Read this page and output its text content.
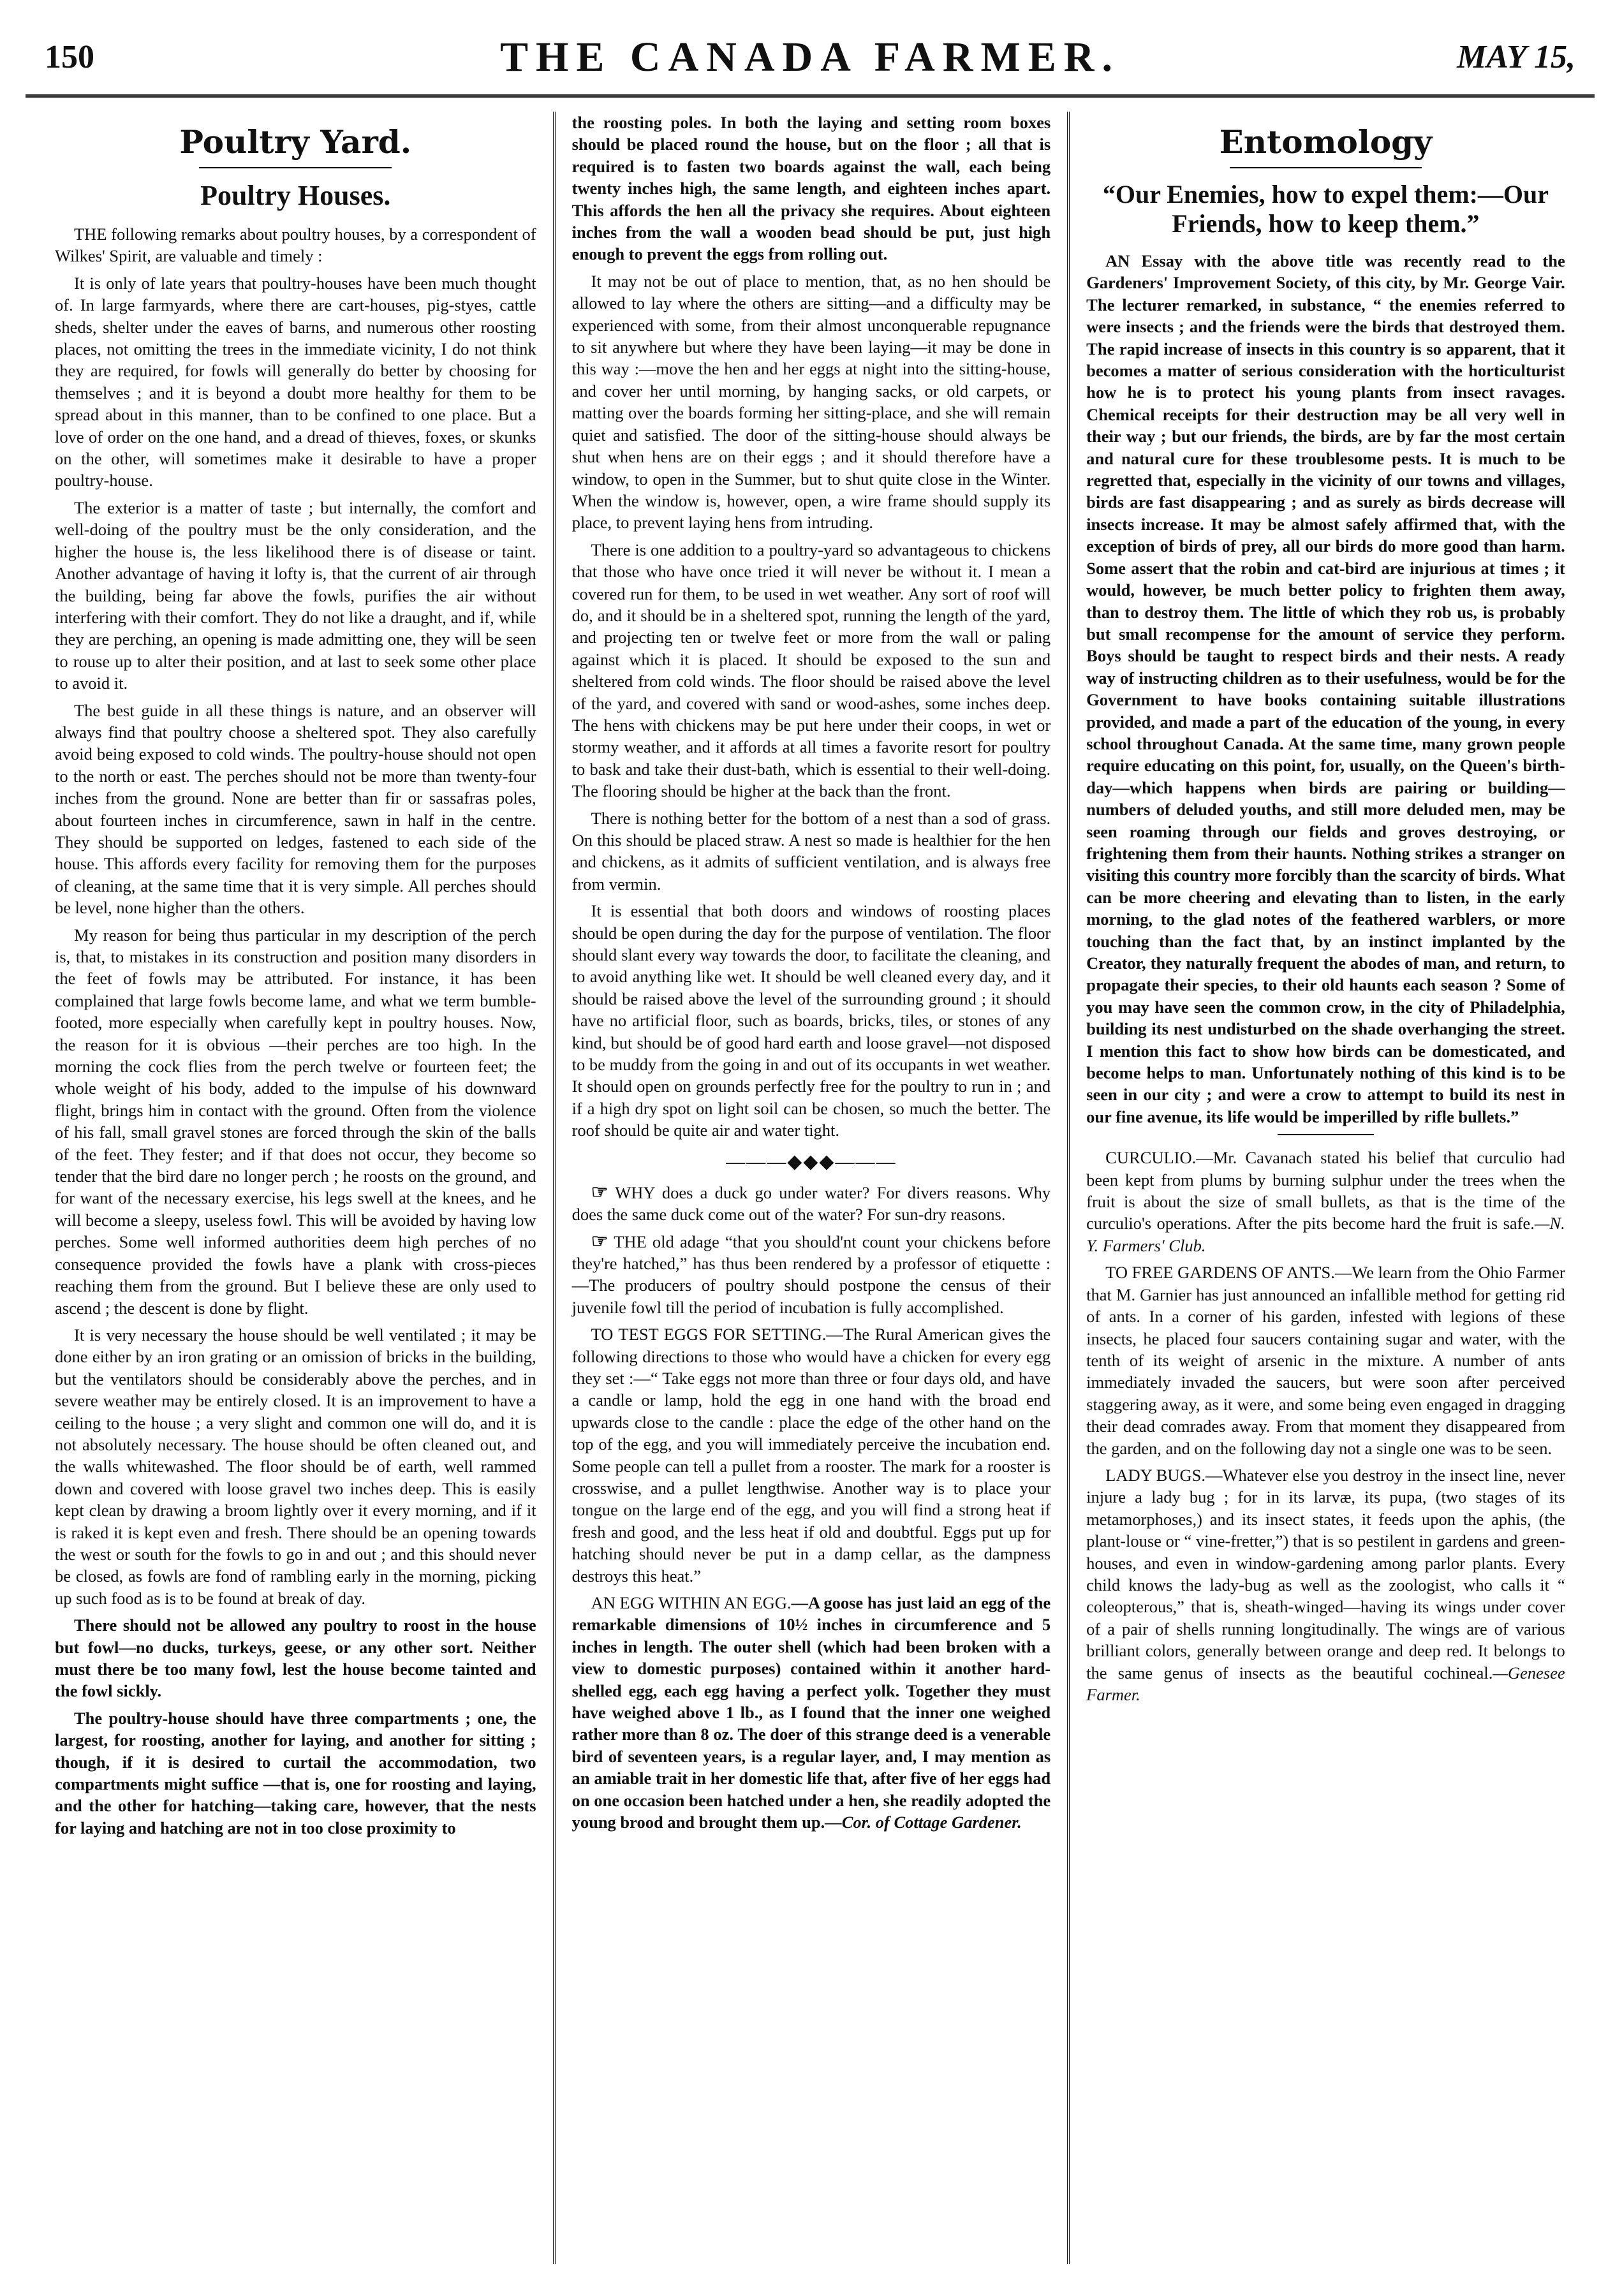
150	THE CANADA FARMER.	MAY 15,
Poultry Yard.
Poultry Houses.

THE following remarks about poultry houses, by a correspondent of Wilkes' Spirit, are valuable and timely :

It is only of late years that poultry-houses have been much thought of. In large farmyards, where there are cart-houses, pig-styes, cattle sheds, shelter under the eaves of barns, and numerous other roosting places, not omitting the trees in the immediate vicinity, I do not think they are required, for fowls will generally do better by choosing for themselves ; and it is beyond a doubt more healthy for them to be spread about in this manner, than to be confined to one place. But a love of order on the one hand, and a dread of thieves, foxes, or skunks on the other, will sometimes make it desirable to have a proper poultry-house.

The exterior is a matter of taste ; but internally, the comfort and well-doing of the poultry must be the only consideration, and the higher the house is, the less likelihood there is of disease or taint. Another advantage of having it lofty is, that the current of air through the building, being far above the fowls, purifies the air without interfering with their comfort. They do not like a draught, and if, while they are perching, an opening is made admitting one, they will be seen to rouse up to alter their position, and at last to seek some other place to avoid it.

The best guide in all these things is nature, and an observer will always find that poultry choose a sheltered spot. They also carefully avoid being exposed to cold winds. The poultry-house should not open to the north or east. The perches should not be more than twenty-four inches from the ground. None are better than fir or sassafras poles, about fourteen inches in circumference, sawn in half in the centre. They should be supported on ledges, fastened to each side of the house. This affords every facility for removing them for the purposes of cleaning, at the same time that it is very simple. All perches should be level, none higher than the others.

My reason for being thus particular in my description of the perch is, that, to mistakes in its construction and position many disorders in the feet of fowls may be attributed. For instance, it has been complained that large fowls become lame, and what we term bumble-footed, more especially when carefully kept in poultry houses. Now, the reason for it is obvious —their perches are too high. In the morning the cock flies from the perch twelve or fourteen feet; the whole weight of his body, added to the impulse of his downward flight, brings him in contact with the ground. Often from the violence of his fall, small gravel stones are forced through the skin of the balls of the feet. They fester; and if that does not occur, they become so tender that the bird dare no longer perch ; he roosts on the ground, and for want of the necessary exercise, his legs swell at the knees, and he will become a sleepy, useless fowl. This will be avoided by having low perches. Some well informed authorities deem high perches of no consequence provided the fowls have a plank with cross-pieces reaching them from the ground. But I believe these are only used to ascend ; the descent is done by flight.

It is very necessary the house should be well ventilated ; it may be done either by an iron grating or an omission of bricks in the building, but the ventilators should be considerably above the perches, and in severe weather may be entirely closed. It is an improvement to have a ceiling to the house ; a very slight and common one will do, and it is not absolutely necessary. The house should be often cleaned out, and the walls whitewashed. The floor should be of earth, well rammed down and covered with loose gravel two inches deep. This is easily kept clean by drawing a broom lightly over it every morning, and if it is raked it is kept even and fresh. There should be an opening towards the west or south for the fowls to go in and out ; and this should never be closed, as fowls are fond of rambling early in the morning, picking up such food as is to be found at break of day.

There should not be allowed any poultry to roost in the house but fowl—no ducks, turkeys, geese, or any other sort. Neither must there be too many fowl, lest the house become tainted and the fowl sickly.

The poultry-house should have three compartments ; one, the largest, for roosting, another for laying, and another for sitting ; though, if it is desired to curtail the accommodation, two compartments might suffice —that is, one for roosting and laying, and the other for hatching—taking care, however, that the nests for laying and hatching are not in too close proximity to

the roosting poles. In both the laying and setting room boxes should be placed round the house, but on the floor ; all that is required is to fasten two boards against the wall, each being twenty inches high, the same length, and eighteen inches apart. This affords the hen all the privacy she requires. About eighteen inches from the wall a wooden bead should be put, just high enough to prevent the eggs from rolling out.

It may not be out of place to mention, that, as no hen should be allowed to lay where the others are sitting—and a difficulty may be experienced with some, from their almost unconquerable repugnance to sit anywhere but where they have been laying—it may be done in this way :—move the hen and her eggs at night into the sitting-house, and cover her until morning, by hanging sacks, or old carpets, or matting over the boards forming her sitting-place, and she will remain quiet and satisfied. The door of the sitting-house should always be shut when hens are on their eggs ; and it should therefore have a window, to open in the Summer, but to shut quite close in the Winter. When the window is, however, open, a wire frame should supply its place, to prevent laying hens from intruding.

There is one addition to a poultry-yard so advantageous to chickens that those who have once tried it will never be without it. I mean a covered run for them, to be used in wet weather. Any sort of roof will do, and it should be in a sheltered spot, running the length of the yard, and projecting ten or twelve feet or more from the wall or paling against which it is placed. It should be exposed to the sun and sheltered from cold winds. The floor should be raised above the level of the yard, and covered with sand or wood-ashes, some inches deep. The hens with chickens may be put here under their coops, in wet or stormy weather, and it affords at all times a favorite resort for poultry to bask and take their dust-bath, which is essential to their well-doing. The flooring should be higher at the back than the front.

There is nothing better for the bottom of a nest than a sod of grass. On this should be placed straw. A nest so made is healthier for the hen and chickens, as it admits of sufficient ventilation, and is always free from vermin.

It is essential that both doors and windows of roosting places should be open during the day for the purpose of ventilation. The floor should slant every way towards the door, to facilitate the cleaning, and to avoid anything like wet. It should be well cleaned every day, and it should be raised above the level of the surrounding ground ; it should have no artificial floor, such as boards, bricks, tiles, or stones of any kind, but should be of good hard earth and loose gravel—not disposed to be muddy from the going in and out of its occupants in wet weather. It should open on grounds perfectly free for the poultry to run in ; and if a high dry spot on light soil can be chosen, so much the better. The roof should be quite air and water tight.

———◆◆◆———

☞ WHY does a duck go under water? For divers reasons. Why does the same duck come out of the water? For sun-dry reasons.

☞ THE old adage “that you should'nt count your chickens before they're hatched,” has thus been rendered by a professor of etiquette :—The producers of poultry should postpone the census of their juvenile fowl till the period of incubation is fully accomplished.

TO TEST EGGS FOR SETTING.—The Rural American gives the following directions to those who would have a chicken for every egg they set :—“ Take eggs not more than three or four days old, and have a candle or lamp, hold the egg in one hand with the broad end upwards close to the candle : place the edge of the other hand on the top of the egg, and you will immediately perceive the incubation end. Some people can tell a pullet from a rooster. The mark for a rooster is crosswise, and a pullet lengthwise. Another way is to place your tongue on the large end of the egg, and you will find a strong heat if fresh and good, and the less heat if old and doubtful. Eggs put up for hatching should never be put in a damp cellar, as the dampness destroys this heat.”

AN EGG WITHIN AN EGG.—A goose has just laid an egg of the remarkable dimensions of 10½ inches in circumference and 5 inches in length. The outer shell (which had been broken with a view to domestic purposes) contained within it another hard-shelled egg, each egg having a perfect yolk. Together they must have weighed above 1 lb., as I found that the inner one weighed rather more than 8 oz. The doer of this strange deed is a venerable bird of seventeen years, is a regular layer, and, I may mention as an amiable trait in her domestic life that, after five of her eggs had on one occasion been hatched under a hen, she readily adopted the young brood and brought them up.—Cor. of Cottage Gardener.

Entomology
“Our Enemies, how to expel them:—Our Friends, how to keep them.”

AN Essay with the above title was recently read to the Gardeners' Improvement Society, of this city, by Mr. George Vair. The lecturer remarked, in substance, “ the enemies referred to were insects ; and the friends were the birds that destroyed them. The rapid increase of insects in this country is so apparent, that it becomes a matter of serious consideration with the horticulturist how he is to protect his young plants from insect ravages. Chemical receipts for their destruction may be all very well in their way ; but our friends, the birds, are by far the most certain and natural cure for these troublesome pests. It is much to be regretted that, especially in the vicinity of our towns and villages, birds are fast disappearing ; and as surely as birds decrease will insects increase. It may be almost safely affirmed that, with the exception of birds of prey, all our birds do more good than harm. Some assert that the robin and cat-bird are injurious at times ; it would, however, be much better policy to frighten them away, than to destroy them. The little of which they rob us, is probably but small recompense for the amount of service they perform. Boys should be taught to respect birds and their nests. A ready way of instructing children as to their usefulness, would be for the Government to have books containing suitable illustrations provided, and made a part of the education of the young, in every school throughout Canada. At the same time, many grown people require educating on this point, for, usually, on the Queen's birth-day—which happens when birds are pairing or building—numbers of deluded youths, and still more deluded men, may be seen roaming through our fields and groves destroying, or frightening them from their haunts. Nothing strikes a stranger on visiting this country more forcibly than the scarcity of birds. What can be more cheering and elevating than to listen, in the early morning, to the glad notes of the feathered warblers, or more touching than the fact that, by an instinct implanted by the Creator, they naturally frequent the abodes of man, and return, to propagate their species, to their old haunts each season ? Some of you may have seen the common crow, in the city of Philadelphia, building its nest undisturbed on the shade overhanging the street. I mention this fact to show how birds can be domesticated, and become helps to man. Unfortunately nothing of this kind is to be seen in our city ; and were a crow to attempt to build its nest in our fine avenue, its life would be imperilled by rifle bullets.”

CURCULIO.—Mr. Cavanach stated his belief that curculio had been kept from plums by burning sulphur under the trees when the fruit is about the size of small bullets, as that is the time of the curculio's operations. After the pits become hard the fruit is safe.—N. Y. Farmers' Club.

TO FREE GARDENS OF ANTS.—We learn from the Ohio Farmer that M. Garnier has just announced an infallible method for getting rid of ants. In a corner of his garden, infested with legions of these insects, he placed four saucers containing sugar and water, with the tenth of its weight of arsenic in the mixture. A number of ants immediately invaded the saucers, but were soon after perceived staggering away, as it were, and some being even engaged in dragging their dead comrades away. From that moment they disappeared from the garden, and on the following day not a single one was to be seen.

LADY BUGS.—Whatever else you destroy in the insect line, never injure a lady bug ; for in its larvæ, its pupa, (two stages of its metamorphoses,) and its insect states, it feeds upon the aphis, (the plant-louse or “ vine-fretter,”) that is so pestilent in gardens and green-houses, and even in window-gardening among parlor plants. Every child knows the lady-bug as well as the zoologist, who calls it “ coleopterous,” that is, sheath-winged—having its wings under cover of a pair of shells running longitudinally. The wings are of various brilliant colors, generally between orange and deep red. It belongs to the same genus of insects as the beautiful cochineal.—Genesee Farmer.
